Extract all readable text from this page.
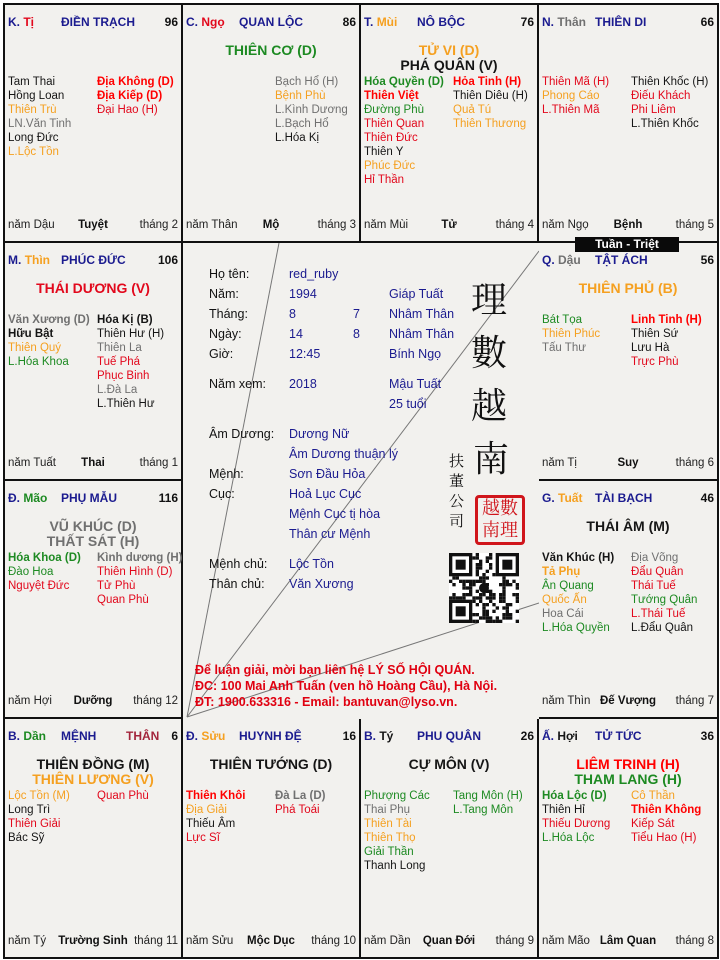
K. Tị ĐIỀN TRẠCH 96
Tam Thai
Hồng Loan
Thiên Trù
LN.Văn Tinh
Long Đức
L.Lộc Tồn
Địa Không (D)
Địa Kiếp (D)
Đại Hao (H)
năm Dậu	Tuyệt	tháng 2
C. Ngọ QUAN LỘC	86
THIÊN CƠ (D)
Bạch Hổ (H)
Bệnh Phù
L.Kình Dương
L.Bạch Hổ
L.Hóa Kị
năm Thân	Mộ	tháng 3
T. Mùi NÔ BỘC	76
TỬ VI (D)
PHÁ QUÂN (V)
Hóa Quyền (D)
Thiên Việt
Đường Phù
Thiên Quan
Thiên Đức
Thiên Y
Phúc Đức
Hỉ Thần
Hỏa Tinh (H)
Thiên Diêu (H)
Quả Tú
Thiên Thương
năm Mùi	Tử	tháng 4
N. Thân THIÊN DI	66
Thiên Mã (H)
Phong Cáo
L.Thiên Mã
Thiên Khốc (H)
Điếu Khách
Phi Liêm
L.Thiên Khốc
năm Ngọ	Bệnh	tháng 5
M. Thìn PHÚC ĐỨC	106
THÁI DƯƠNG (V)
Văn Xương (D)
Hữu Bật
Thiên Quý
L.Hóa Khoa
Hóa Kị (B)
Thiên Hư (H)
Thiên La
Tuế Phá
Phục Binh
L.Đà La
L.Thiên Hư
năm Tuất	Thai	tháng 1
Q. Dậu TẬT ÁCH	56
THIÊN PHỦ (B)
Bát Tọa
Thiên Phúc
Tấu Thư
Linh Tinh (H)
Thiên Sứ
Lưu Hà
Trực Phù
năm Tị	Suy	tháng 6
Đ. Mão PHỤ MẪU	116
VŨ KHÚC (D)
THẤT SÁT (H)
Hóa Khoa (D)
Đào Hoa
Nguyệt Đức
Kình dương (H)
Thiên Hình (D)
Tử Phù
Quan Phù
năm Hợi	Dưỡng	tháng 12
G. Tuất TÀI BẠCH	46
THÁI ÂM (M)
Văn Khúc (H)
Tả Phụ
Ân Quang
Quốc Ấn
Hoa Cái
L.Hóa Quyền
Địa Võng
Đẩu Quân
Thái Tuế
Tướng Quân
L.Thái Tuế
L.Đẩu Quân
năm Thìn Đế Vượng	tháng 7
B. Dần MỆNH THÂN 6
THIÊN ĐỒNG (M)
THIÊN LƯƠNG (V)
Lộc Tồn (M)
Long Trì
Thiên Giải
Bác Sỹ
Quan Phù
năm Tý	Trường Sinh tháng 11
Đ. Sửu HUYNH ĐỆ	16
THIÊN TƯỚNG (D)
Thiên Khôi
Địa Giải
Thiếu Âm
Lực Sĩ
Đà La (D)
Phá Toái
năm Sửu	Mộc Dục	tháng 10
B. Tý PHU QUÂN	26
CỰ MÔN (V)
Phượng Các
Thai Phụ
Thiên Tài
Thiên Thọ
Giải Thần
Thanh Long
Tang Môn (H)
L.Tang Môn
năm Dần	Quan Đới	tháng 9
Ấ. Hợi TỬ TỨC	36
LIÊM TRINH (H)
THAM LANG (H)
Hóa Lộc (D)
Thiên Hỉ
Thiếu Dương
L.Hóa Lộc
Cô Thần
Thiên Không
Kiếp Sát
Tiểu Hao (H)
năm Mão Lâm Quan	tháng 8
Họ tên:	red_ruby
Năm:	1994	Giáp Tuất
Tháng:	8	7 Nhâm Thân
Ngày:	14	8 Nhâm Thân
Giờ:	12:45	Bính Ngọ
Năm xem: 2018	Mậu Tuất
25 tuổi
Âm Dương: Dương Nữ
Âm Dương thuận lý
Mệnh:	Sơn Đầu Hỏa
Cục:	Hoả Lục Cục
Mệnh Cục tị hòa
Thân cư Mệnh
Mệnh chủ: Lộc Tồn
Thân chủ: Văn Xương
理
數
越
南
扶
董
公
司
越數
南理
Để luận giải, mời bạn liên hệ LÝ SỐ HỘI QUÁN.
ĐC: 100 Mai Anh Tuấn (ven hồ Hoàng Cầu), Hà Nội.
ĐT: 1900.633316 - Email: bantuvan@lyso.vn.
Tuần - Triệt
